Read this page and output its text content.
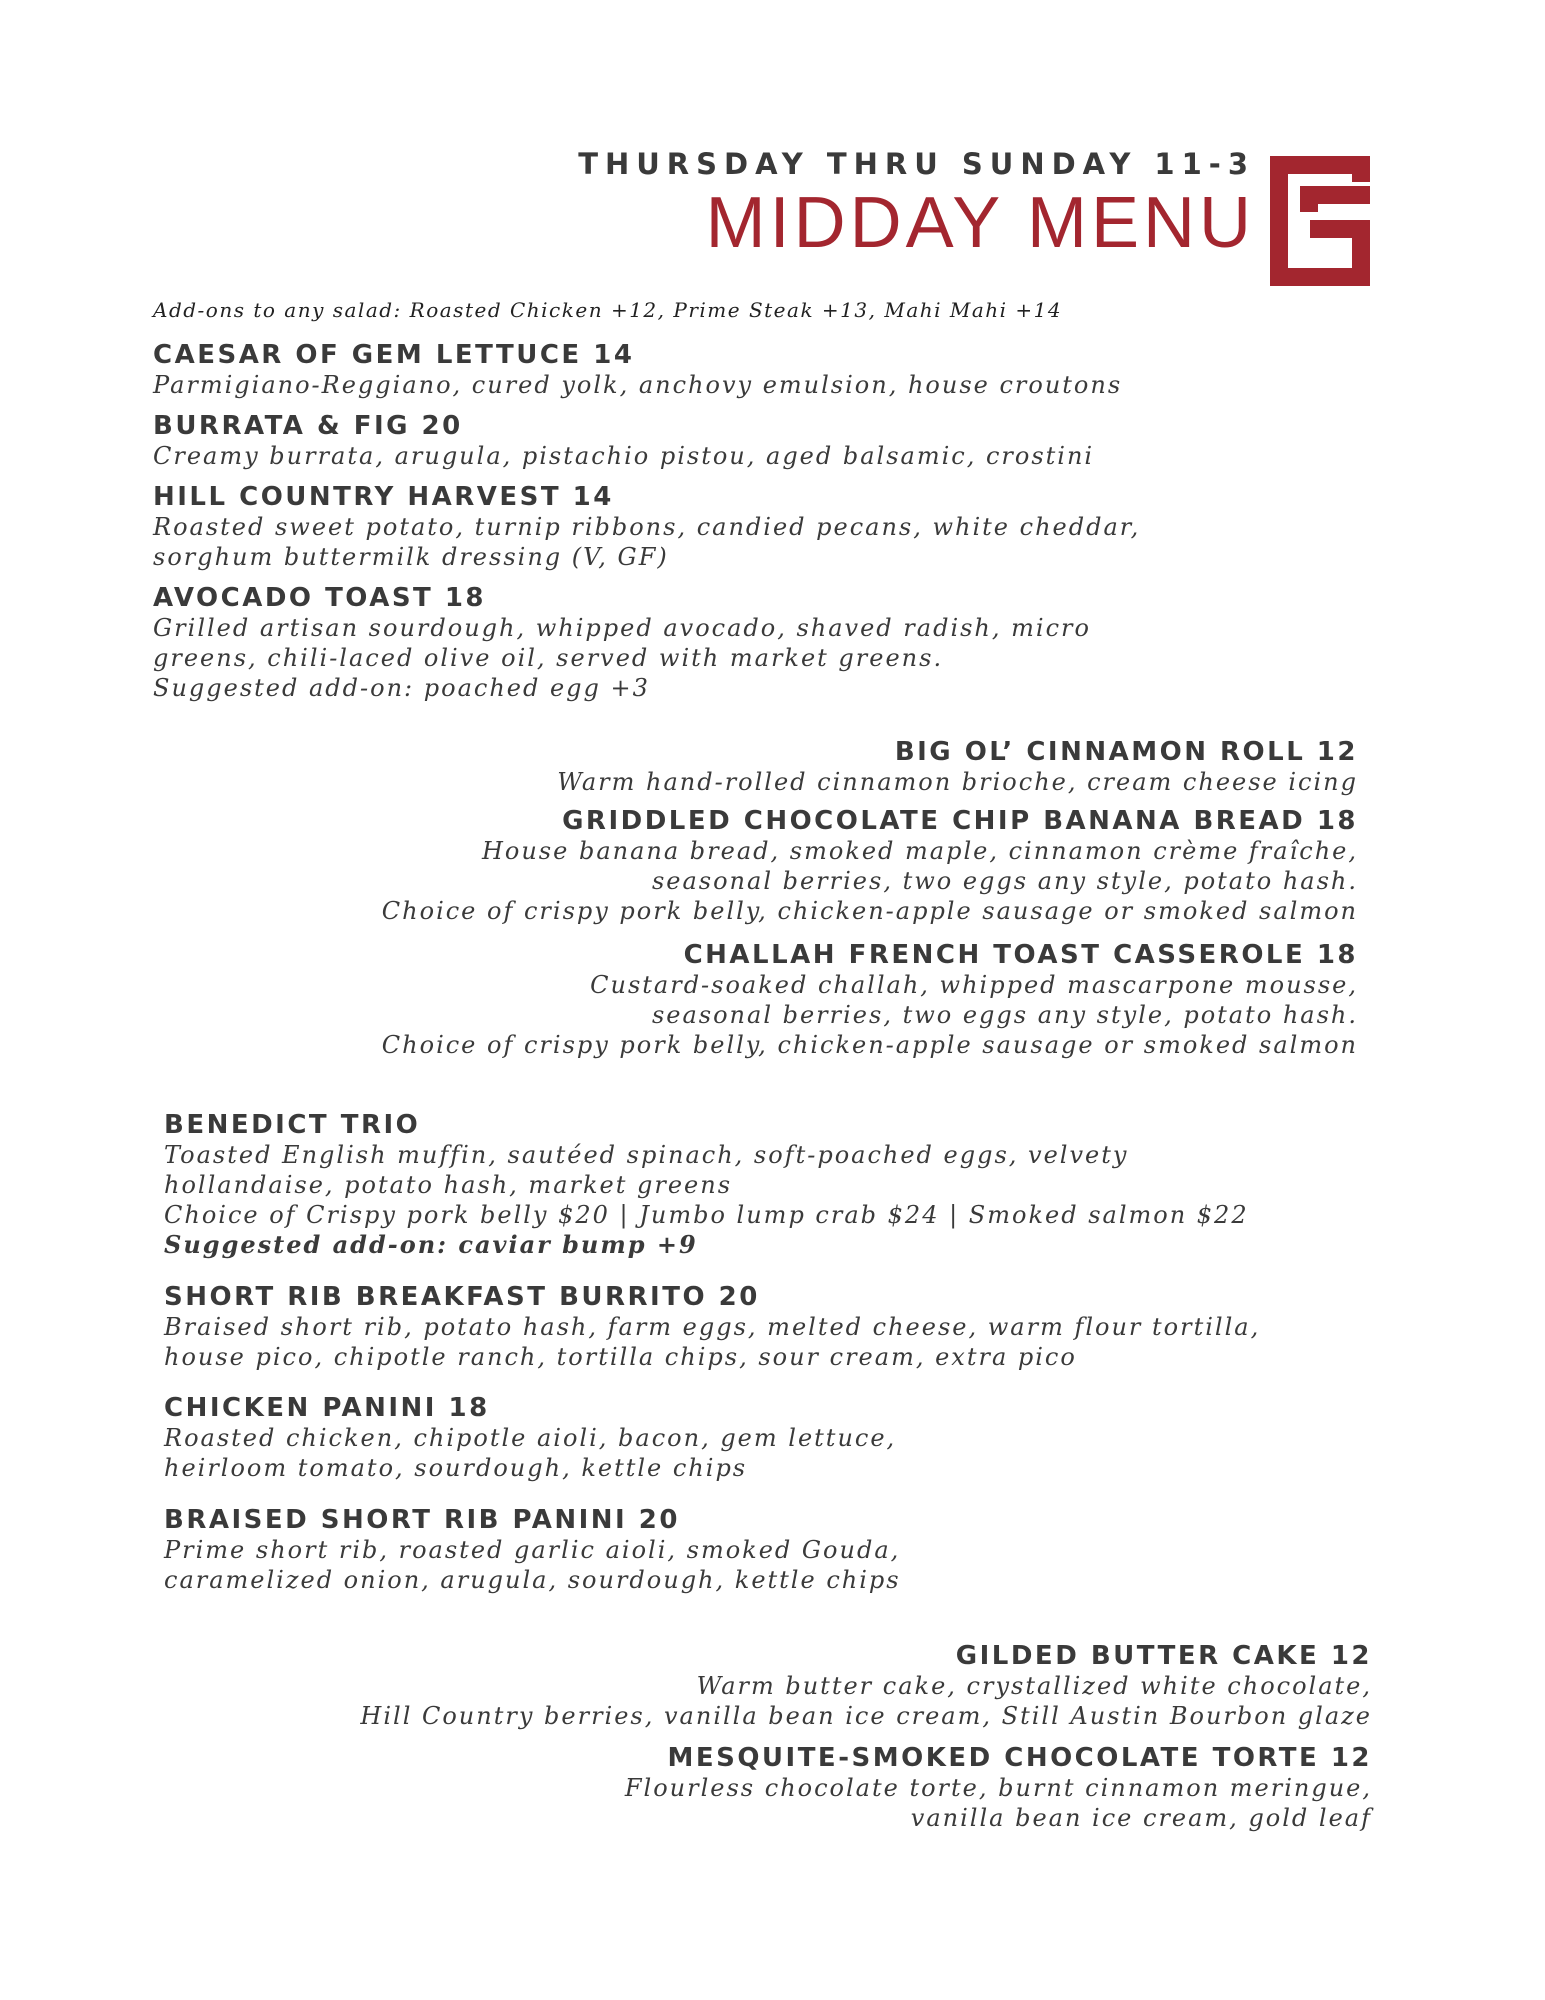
THURSDAY THRU SUNDAY 11-3
MIDDAY MENU
Add-ons to any salad: Roasted Chicken +12, Prime Steak +13, Mahi Mahi +14
CAESAR OF GEM LETTUCE 14
Parmigiano-Reggiano, cured yolk, anchovy emulsion, house croutons
BURRATA & FIG 20
Creamy burrata, arugula, pistachio pistou, aged balsamic, crostini
HILL COUNTRY HARVEST 14
Roasted sweet potato, turnip ribbons, candied pecans, white cheddar,
sorghum buttermilk dressing (V, GF)
AVOCADO TOAST 18
Grilled artisan sourdough, whipped avocado, shaved radish, micro
greens, chili-laced olive oil, served with market greens.
Suggested add-on: poached egg +3
BIG OL’ CINNAMON ROLL 12
Warm hand-rolled cinnamon brioche, cream cheese icing
GRIDDLED CHOCOLATE CHIP BANANA BREAD 18
House banana bread, smoked maple, cinnamon crème fraîche,
seasonal berries, two eggs any style, potato hash.
Choice of crispy pork belly, chicken-apple sausage or smoked salmon
CHALLAH FRENCH TOAST CASSEROLE 18
Custard-soaked challah, whipped mascarpone mousse,
seasonal berries, two eggs any style, potato hash.
Choice of crispy pork belly, chicken-apple sausage or smoked salmon
BENEDICT TRIO
Toasted English muffin, sautéed spinach, soft-poached eggs, velvety
hollandaise, potato hash, market greens
Choice of Crispy pork belly $20 | Jumbo lump crab $24 | Smoked salmon $22
Suggested add-on: caviar bump +9
SHORT RIB BREAKFAST BURRITO 20
Braised short rib, potato hash, farm eggs, melted cheese, warm flour tortilla,
house pico, chipotle ranch, tortilla chips, sour cream, extra pico
CHICKEN PANINI 18
Roasted chicken, chipotle aioli, bacon, gem lettuce,
heirloom tomato, sourdough, kettle chips
BRAISED SHORT RIB PANINI 20
Prime short rib, roasted garlic aioli, smoked Gouda,
caramelized onion, arugula, sourdough, kettle chips
GILDED BUTTER CAKE 12
Warm butter cake, crystallized white chocolate,
Hill Country berries, vanilla bean ice cream, Still Austin Bourbon glaze
MESQUITE-SMOKED CHOCOLATE TORTE 12
Flourless chocolate torte, burnt cinnamon meringue,
vanilla bean ice cream, gold leaf
